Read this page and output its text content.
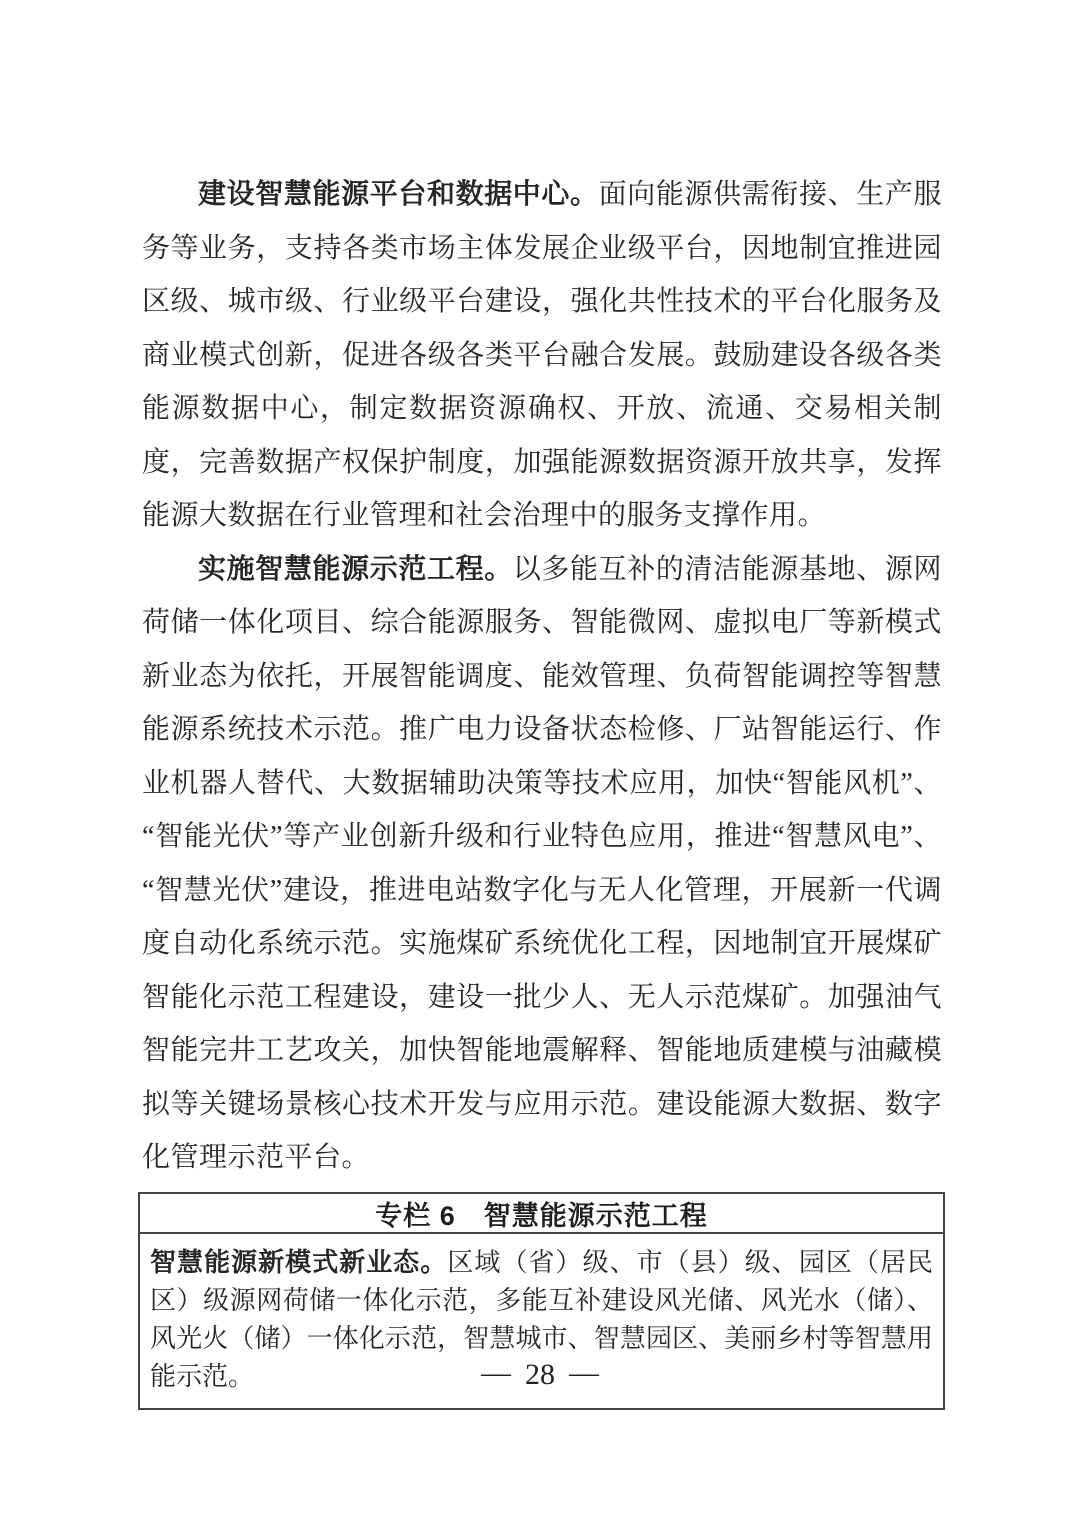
建设智慧能源平台和数据中心。面向能源供需衔接、生产服务等业务，支持各类市场主体发展企业级平台，因地制宜推进园区级、城市级、行业级平台建设，强化共性技术的平台化服务及商业模式创新，促进各级各类平台融合发展。鼓励建设各级各类能源数据中心，制定数据资源确权、开放、流通、交易相关制度，完善数据产权保护制度，加强能源数据资源开放共享，发挥能源大数据在行业管理和社会治理中的服务支撑作用。

实施智慧能源示范工程。以多能互补的清洁能源基地、源网荷储一体化项目、综合能源服务、智能微网、虚拟电厂等新模式新业态为依托，开展智能调度、能效管理、负荷智能调控等智慧能源系统技术示范。推广电力设备状态检修、厂站智能运行、作业机器人替代、大数据辅助决策等技术应用，加快“智能风机”、“智能光伏”等产业创新升级和行业特色应用，推进“智慧风电”、“智慧光伏”建设，推进电站数字化与无人化管理，开展新一代调度自动化系统示范。实施煤矿系统优化工程，因地制宜开展煤矿智能化示范工程建设，建设一批少人、无人示范煤矿。加强油气智能完井工艺攻关，加快智能地震解释、智能地质建模与油藏模拟等关键场景核心技术开发与应用示范。建设能源大数据、数字化管理示范平台。

专栏 6　智慧能源示范工程
智慧能源新模式新业态。区域（省）级、市（县）级、园区（居民区）级源网荷储一体化示范，多能互补建设风光储、风光水（储）、风光火（储）一体化示范，智慧城市、智慧园区、美丽乡村等智慧用能示范。	— 28 —
